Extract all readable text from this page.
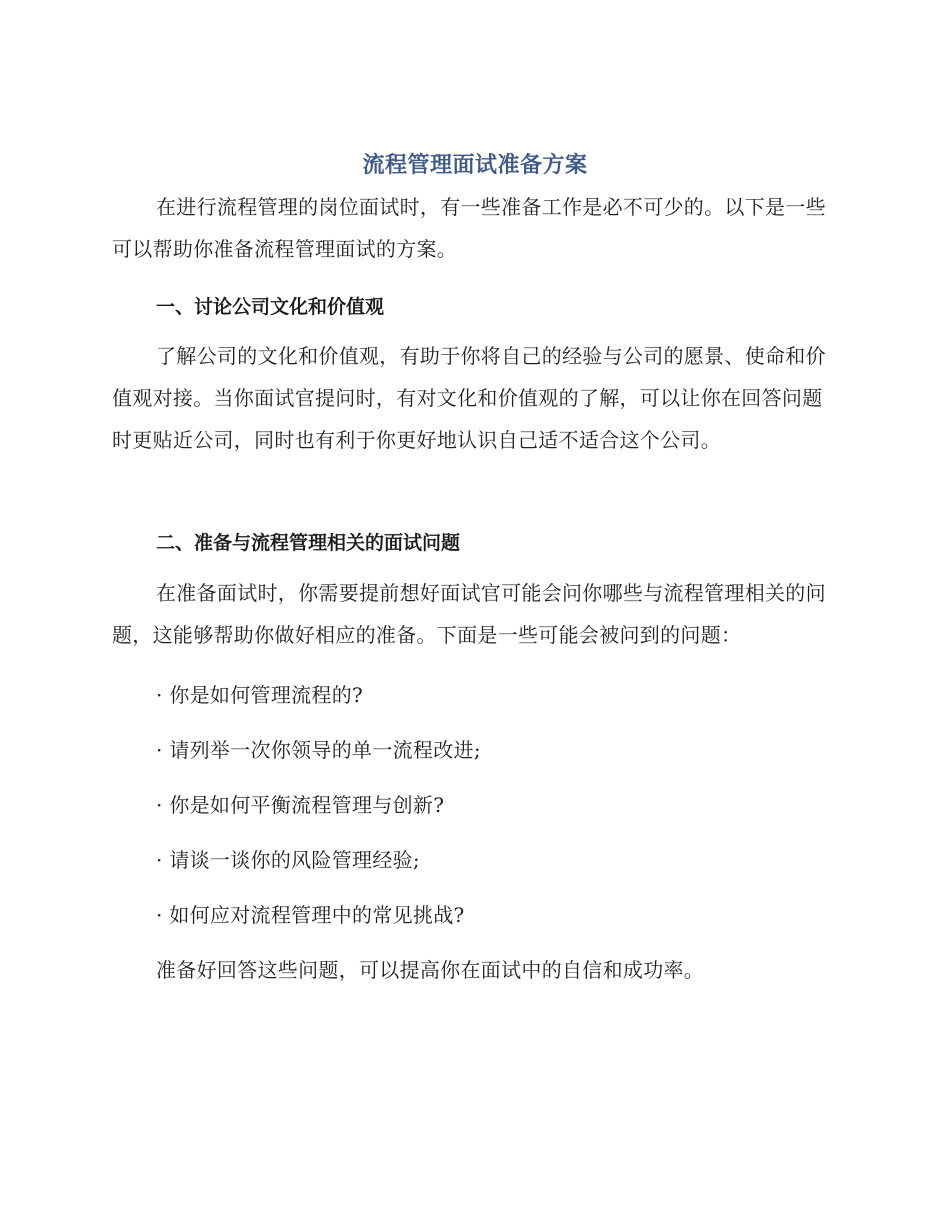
流程管理面试准备方案
在进行流程管理的岗位面试时，有一些准备工作是必不可少的。以下是一些可以帮助你准备流程管理面试的方案。
一、讨论公司文化和价值观
了解公司的文化和价值观，有助于你将自己的经验与公司的愿景、使命和价值观对接。当你面试官提问时，有对文化和价值观的了解，可以让你在回答问题时更贴近公司，同时也有利于你更好地认识自己适不适合这个公司。
二、准备与流程管理相关的面试问题
在准备面试时，你需要提前想好面试官可能会问你哪些与流程管理相关的问题，这能够帮助你做好相应的准备。下面是一些可能会被问到的问题：
· 你是如何管理流程的?
· 请列举一次你领导的单一流程改进;
· 你是如何平衡流程管理与创新?
· 请谈一谈你的风险管理经验;
· 如何应对流程管理中的常见挑战?
准备好回答这些问题，可以提高你在面试中的自信和成功率。
